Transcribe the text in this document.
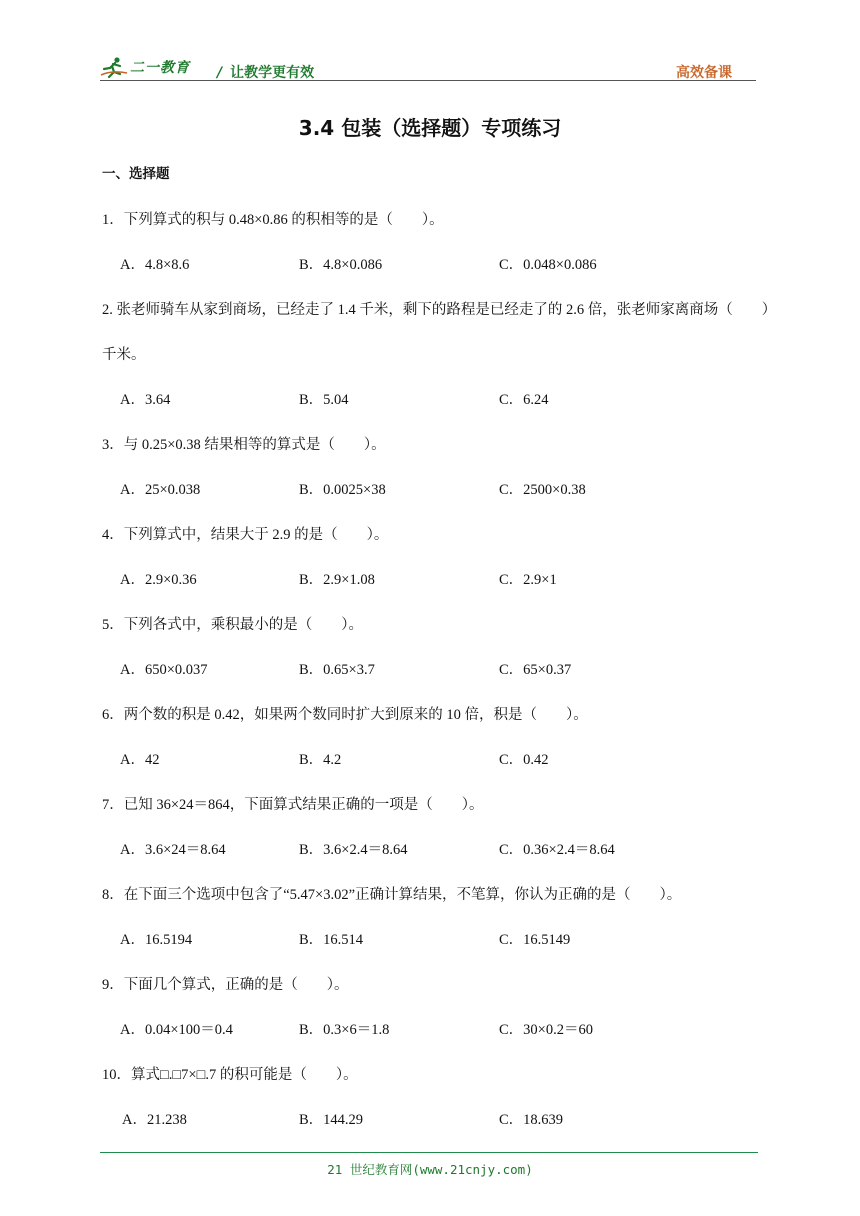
二一教育 / 让教学更有效	高效备课
3.4 包装（选择题）专项练习
一、选择题
1．下列算式的积与 0.48×0.86 的积相等的是（　　）。
A．4.8×8.6	B．4.8×0.086	C．0.048×0.086
2. 张老师骑车从家到商场，已经走了 1.4 千米，剩下的路程是已经走了的 2.6 倍，张老师家离商场（　　）
千米。
A．3.64	B．5.04	C．6.24
3．与 0.25×0.38 结果相等的算式是（　　）。
A．25×0.038	B．0.0025×38	C．2500×0.38
4．下列算式中，结果大于 2.9 的是（　　）。
A．2.9×0.36	B．2.9×1.08	C．2.9×1
5．下列各式中，乘积最小的是（　　）。
A．650×0.037	B．0.65×3.7	C．65×0.37
6．两个数的积是 0.42，如果两个数同时扩大到原来的 10 倍，积是（　　）。
A．42	B．4.2	C．0.42
7．已知 36×24＝864，下面算式结果正确的一项是（　　）。
A．3.6×24＝8.64	B．3.6×2.4＝8.64	C．0.36×2.4＝8.64
8．在下面三个选项中包含了“5.47×3.02”正确计算结果，不笔算，你认为正确的是（　　）。
A．16.5194	B．16.514	C．16.5149
9．下面几个算式，正确的是（　　）。
A．0.04×100＝0.4	B．0.3×6＝1.8	C．30×0.2＝60
10．算式□.□7×□.7 的积可能是（　　）。
A．21.238	B．144.29	C．18.639
21 世纪教育网(www.21cnjy.com)
